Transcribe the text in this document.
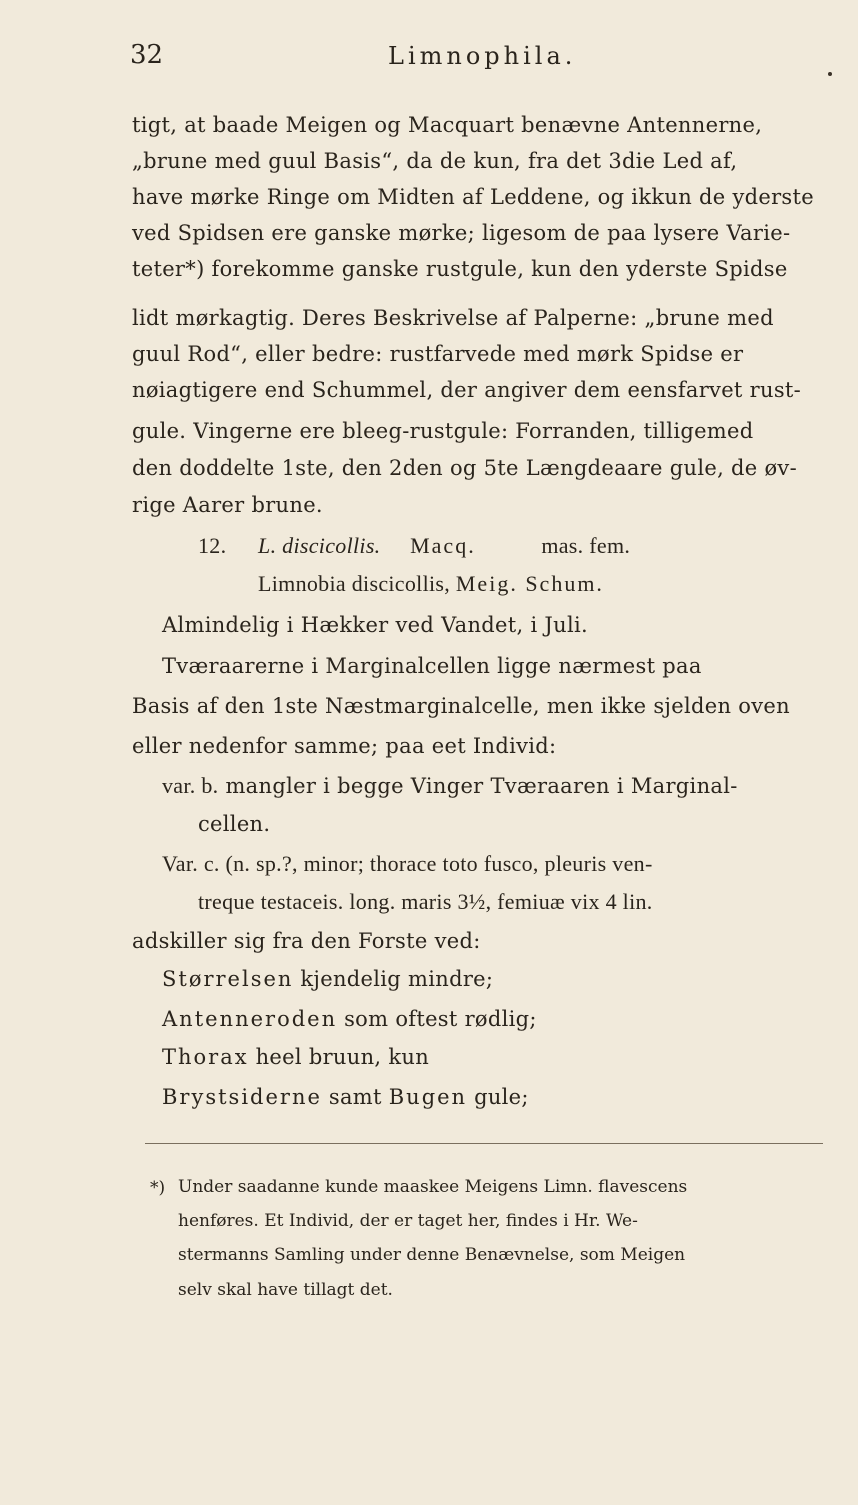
32	Limnophila.
tigt, at baade Meigen og Macquart benævne Antennerne,
„brune med guul Basis“, da de kun, fra det 3die Led af,
have mørke Ringe om Midten af Leddene, og ikkun de yderste
ved Spidsen ere ganske mørke; ligesom de paa lysere Varie-
teter*) forekomme ganske rustgule, kun den yderste Spidse
lidt mørkagtig. Deres Beskrivelse af Palperne: „brune med
guul Rod“, eller bedre: rustfarvede med mørk Spidse er
nøiagtigere end Schummel, der angiver dem eensfarvet rust-
gule. Vingerne ere bleeg-rustgule: Forranden, tilligemed
den doddelte 1ste, den 2den og 5te Længdeaare gule, de øv-
rige Aarer brune.
12. L. discicollis. Macq.	mas. fem.
Limnobia discicollis, Meig. Schum.
Almindelig i Hækker ved Vandet, i Juli.
Tværaarerne i Marginalcellen ligge nærmest paa
Basis af den 1ste Næstmarginalcelle, men ikke sjelden oven
eller nedenfor samme; paa eet Individ:
var. b. mangler i begge Vinger Tværaaren i Marginal-
cellen.
Var. c. (n. sp.?, minor; thorace toto fusco, pleuris ven-
treque testaceis. long. maris 3½, femiuæ vix 4 lin.
adskiller sig fra den Forste ved:
Størrelsen kjendelig mindre;
Antenneroden som oftest rødlig;
Thorax heel bruun, kun
Brystsiderne samt Bugen gule;
*) Under saadanne kunde maaskee Meigens Limn. flavescens
henføres. Et Individ, der er taget her, findes i Hr. We-
stermanns Samling under denne Benævnelse, som Meigen
selv skal have tillagt det.
